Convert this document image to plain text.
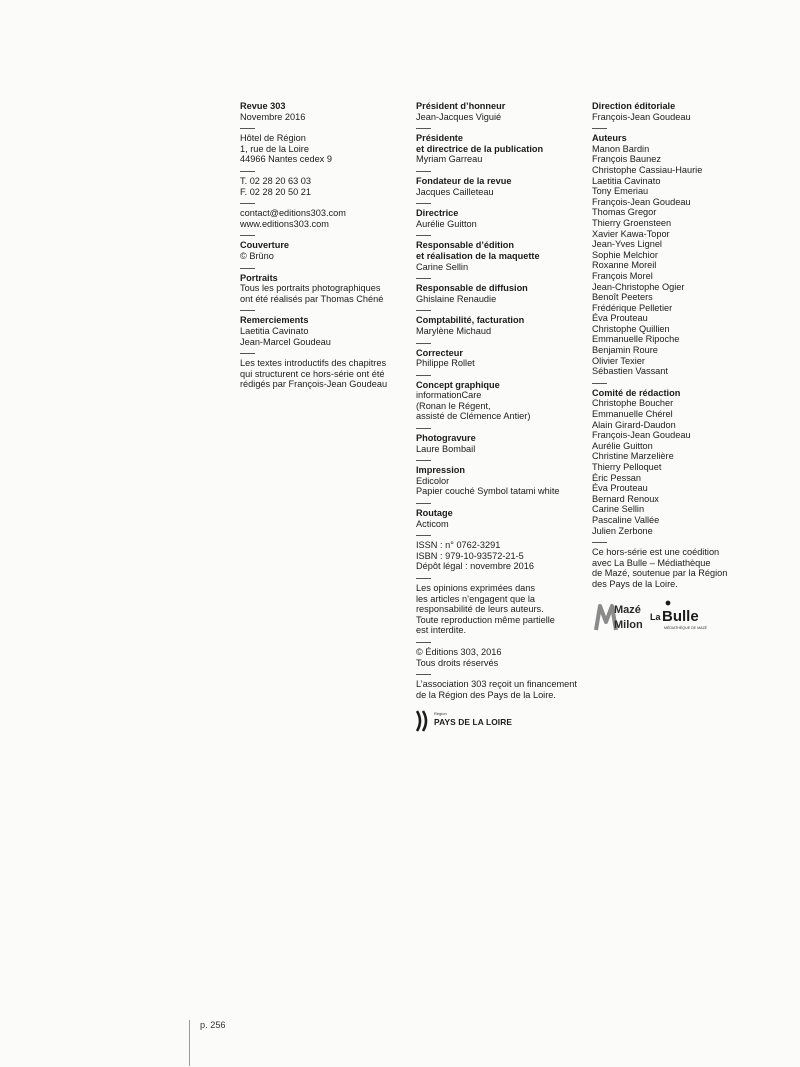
Revue 303
Novembre 2016
Hôtel de Région
1, rue de la Loire
44966 Nantes cedex 9
T. 02 28 20 63 03
F. 02 28 20 50 21
contact@editions303.com
www.editions303.com
Couverture
© Brüno
Portraits
Tous les portraits photographiques
ont été réalisés par Thomas Chéné
Remerciements
Laetitia Cavinato
Jean-Marcel Goudeau
Les textes introductifs des chapitres
qui structurent ce hors-série ont été
rédigés par François-Jean Goudeau
Président d’honneur
Jean-Jacques Viguié
Présidente
et directrice de la publication
Myriam Garreau
Fondateur de la revue
Jacques Cailleteau
Directrice
Aurélie Guitton
Responsable d’édition
et réalisation de la maquette
Carine Sellin
Responsable de diffusion
Ghislaine Renaudie
Comptabilité, facturation
Marylène Michaud
Correcteur
Philippe Rollet
Concept graphique
informationCare
(Ronan le Régent,
assisté de Clémence Antier)
Photogravure
Laure Bombail
Impression
Edicolor
Papier couché Symbol tatami white
Routage
Acticom
ISSN : n° 0762-3291
ISBN : 979-10-93572-21-5
Dépôt légal : novembre 2016
Les opinions exprimées dans
les articles n’engagent que la
responsabilité de leurs auteurs.
Toute reproduction même partielle
est interdite.
© Éditions 303, 2016
Tous droits réservés
L’association 303 reçoit un financement
de la Région des Pays de la Loire.
Région
PAYS DE LA LOIRE
Direction éditoriale
François-Jean Goudeau
Auteurs
Manon Bardin
François Baunez
Christophe Cassiau-Haurie
Laetitia Cavinato
Tony Emeriau
François-Jean Goudeau
Thomas Gregor
Thierry Groensteen
Xavier Kawa-Topor
Jean-Yves Lignel
Sophie Melchior
Roxanne Moreil
François Morel
Jean-Christophe Ogier
Benoît Peeters
Frédérique Pelletier
Éva Prouteau
Christophe Quillien
Emmanuelle Ripoche
Benjamin Roure
Olivier Texier
Sébastien Vassant
Comité de rédaction
Christophe Boucher
Emmanuelle Chérel
Alain Girard-Daudon
François-Jean Goudeau
Aurélie Guitton
Christine Marzelière
Thierry Pelloquet
Éric Pessan
Éva Prouteau
Bernard Renoux
Carine Sellin
Pascaline Vallée
Julien Zerbone
Ce hors-série est une coédition
avec La Bulle – Médiathèque
de Mazé, soutenue par la Région
des Pays de la Loire.
Mazé
Milon
La Bulle
MÉDIATHÈQUE DE MAZÉ
p. 256
